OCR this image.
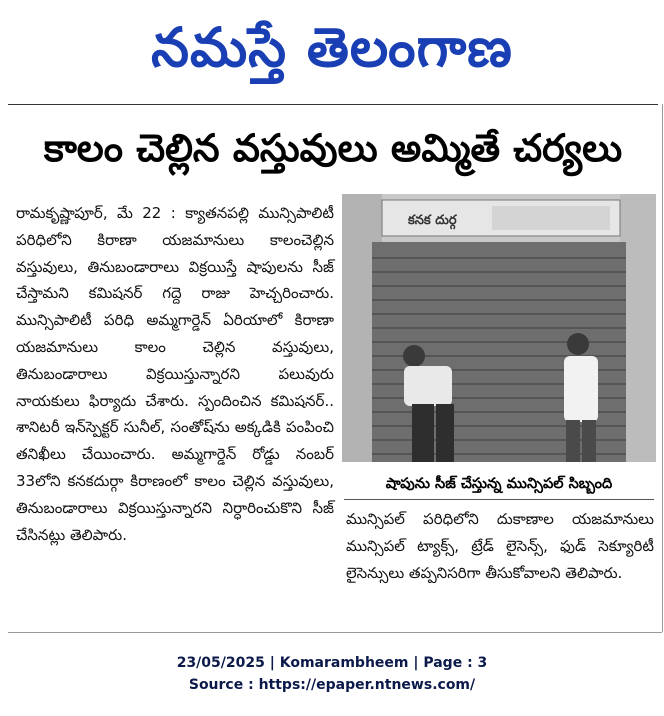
నమస్తే తెలంగాణ
కాలం చెల్లిన వస్తువులు అమ్మితే చర్యలు
రామకృష్ణాపూర్, మే 22 : క్యాతనపల్లి మున్సిపాలిటీ పరిధిలోని కిరాణా యజమానులు కాలంచెల్లిన వస్తువులు, తినుబండారాలు విక్రయిస్తే షాపులను సీజ్ చేస్తామని కమిషనర్ గద్దె రాజు హెచ్చరించారు. మున్సిపాలిటీ పరిధి అమ్మగార్డెన్ ఏరియాలో కిరాణా యజమానులు కాలం చెల్లిన వస్తువులు, తినుబండారాలు విక్రయిస్తున్నారని పలువురు నాయకులు ఫిర్యాదు చేశారు. స్పందించిన కమిషనర్.. శానిటరీ ఇన్‌స్పెక్టర్ సునీల్, సంతోష్‌ను అక్కడికి పంపించి తనిఖీలు చేయించారు. అమ్మగార్డెన్ రోడ్డు నంబర్ 33లోని కనకదుర్గా కిరాణంలో కాలం చెల్లిన వస్తువులు, తినుబండారాలు విక్రయిస్తున్నారని నిర్ధారించుకొని సీజ్ చేసినట్లు తెలిపారు.
కనక దుర్గ
షాపును సీజ్ చేస్తున్న మున్సిపల్ సిబ్బంది
మున్సిపల్ పరిధిలోని దుకాణాల యజమానులు మున్సిపల్ ట్యాక్స్, ట్రేడ్ లైసెన్స్, ఫుడ్ సెక్యూరిటీ లైసెన్సులు తప్పనిసరిగా తీసుకోవాలని తెలిపారు.
23/05/2025 | Komarambheem | Page : 3
Source : https://epaper.ntnews.com/
